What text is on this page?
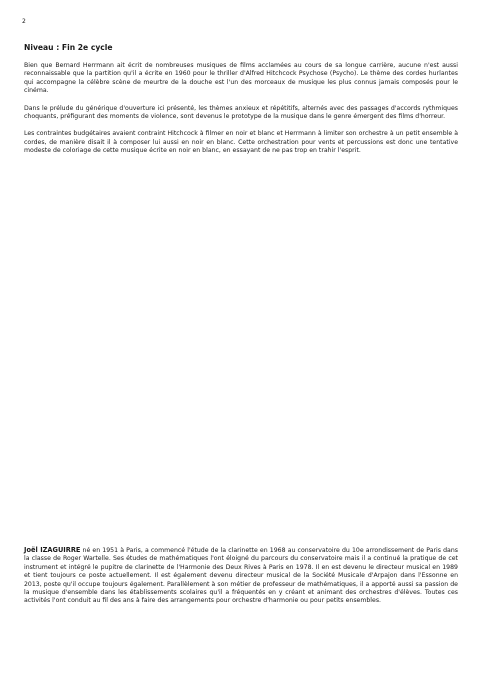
2
Niveau : Fin 2e cycle

Bien que Bernard Herrmann ait écrit de nombreuses musiques de films acclamées au cours de sa longue carrière, aucune n'est aussi reconnaissable que la partition qu'il a écrite en 1960 pour le thriller d'Alfred Hitchcock Psychose (Psycho). Le thème des cordes hurlantes qui accompagne la célèbre scène de meurtre de la douche est l'un des morceaux de musique les plus connus jamais composés pour le cinéma.

Dans le prélude du générique d'ouverture ici présenté, les thèmes anxieux et répétitifs, alternés avec des passages d'accords rythmiques choquants, préfigurant des moments de violence, sont devenus le prototype de la musique dans le genre émergent des films d'horreur.

Les contraintes budgétaires avaient contraint Hitchcock à filmer en noir et blanc et Herrmann à limiter son orchestre à un petit ensemble à cordes, de manière disait il à composer lui aussi en noir en blanc. Cette orchestration pour vents et percussions est donc une tentative modeste de coloriage de cette musique écrite en noir en blanc, en essayant de ne pas trop en trahir l'esprit.

Joël IZAGUIRRE né en 1951 à Paris, a commencé l'étude de la clarinette en 1968 au conservatoire du 10e arrondissement de Paris dans la classe de Roger Wartelle. Ses études de mathématiques l'ont éloigné du parcours du conservatoire mais il a continué la pratique de cet instrument et intégré le pupitre de clarinette de l'Harmonie des Deux Rives à Paris en 1978. Il en est devenu le directeur musical en 1989 et tient toujours ce poste actuellement. Il est également devenu directeur musical de la Société Musicale d'Arpajon dans l'Essonne en 2013, poste qu'il occupe toujours également. Parallèlement à son métier de professeur de mathématiques, il a apporté aussi sa passion de la musique d'ensemble dans les établissements scolaires qu'il a fréquentés en y créant et animant des orchestres d'élèves. Toutes ces activités l'ont conduit au fil des ans à faire des arrangements pour orchestre d'harmonie ou pour petits ensembles.
